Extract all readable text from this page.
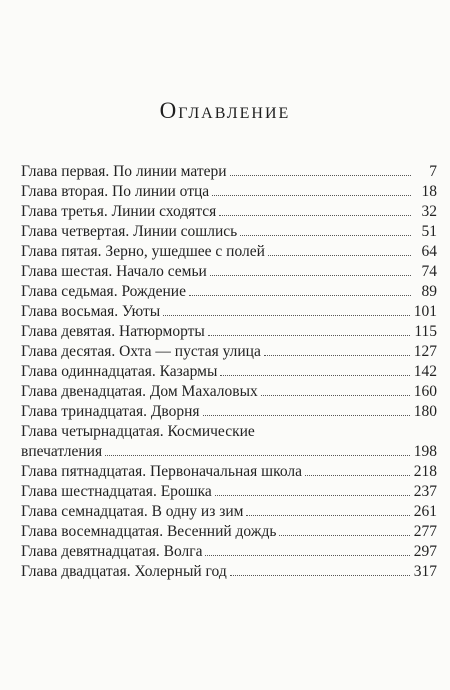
Оглавление
Глава первая. По линии матери	7
Глава вторая. По линии отца	18
Глава третья. Линии сходятся	32
Глава четвертая. Линии сошлись	51
Глава пятая. Зерно, ушедшее с полей	64
Глава шестая. Начало семьи	74
Глава седьмая. Рождение	89
Глава восьмая. Уюты	101
Глава девятая. Натюрморты	115
Глава десятая. Охта — пустая улица	127
Глава одиннадцатая. Казармы	142
Глава двенадцатая. Дом Махаловых	160
Глава тринадцатая. Дворня	180
Глава четырнадцатая. Космические
впечатления	198
Глава пятнадцатая. Первоначальная школа	218
Глава шестнадцатая. Ерошка	237
Глава семнадцатая. В одну из зим	261
Глава восемнадцатая. Весенний дождь	277
Глава девятнадцатая. Волга	297
Глава двадцатая. Холерный год	317
